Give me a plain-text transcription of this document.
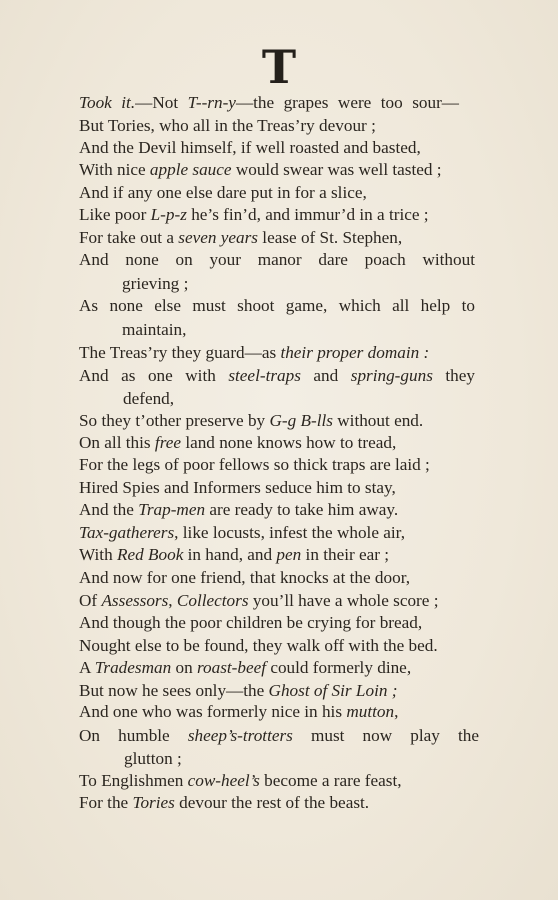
T
Took it.—Not T--rn-y—the grapes were too sour—
But Tories, who all in the Treas’ry devour ;
And the Devil himself, if well roasted and basted,
With nice apple sauce would swear was well tasted ;
And if any one else dare put in for a slice,
Like poor L-p-z he’s fin’d, and immur’d in a trice ;
For take out a seven years lease of St. Stephen,
And none on your manor dare poach without
grieving ;
As none else must shoot game, which all help to
maintain,
The Treas’ry they guard—as their proper domain :
And as one with steel-traps and spring-guns they
defend,
So they t’other preserve by G-g B-lls without end.
On all this free land none knows how to tread,
For the legs of poor fellows so thick traps are laid ;
Hired Spies and Informers seduce him to stay,
And the Trap-men are ready to take him away.
Tax-gatherers, like locusts, infest the whole air,
With Red Book in hand, and pen in their ear ;
And now for one friend, that knocks at the door,
Of Assessors, Collectors you’ll have a whole score ;
And though the poor children be crying for bread,
Nought else to be found, they walk off with the bed.
A Tradesman on roast-beef could formerly dine,
But now he sees only—the Ghost of Sir Loin ;
And one who was formerly nice in his mutton,
On humble sheep’s-trotters must now play the
glutton ;
To Englishmen cow-heel’s become a rare feast,
For the Tories devour the rest of the beast.
